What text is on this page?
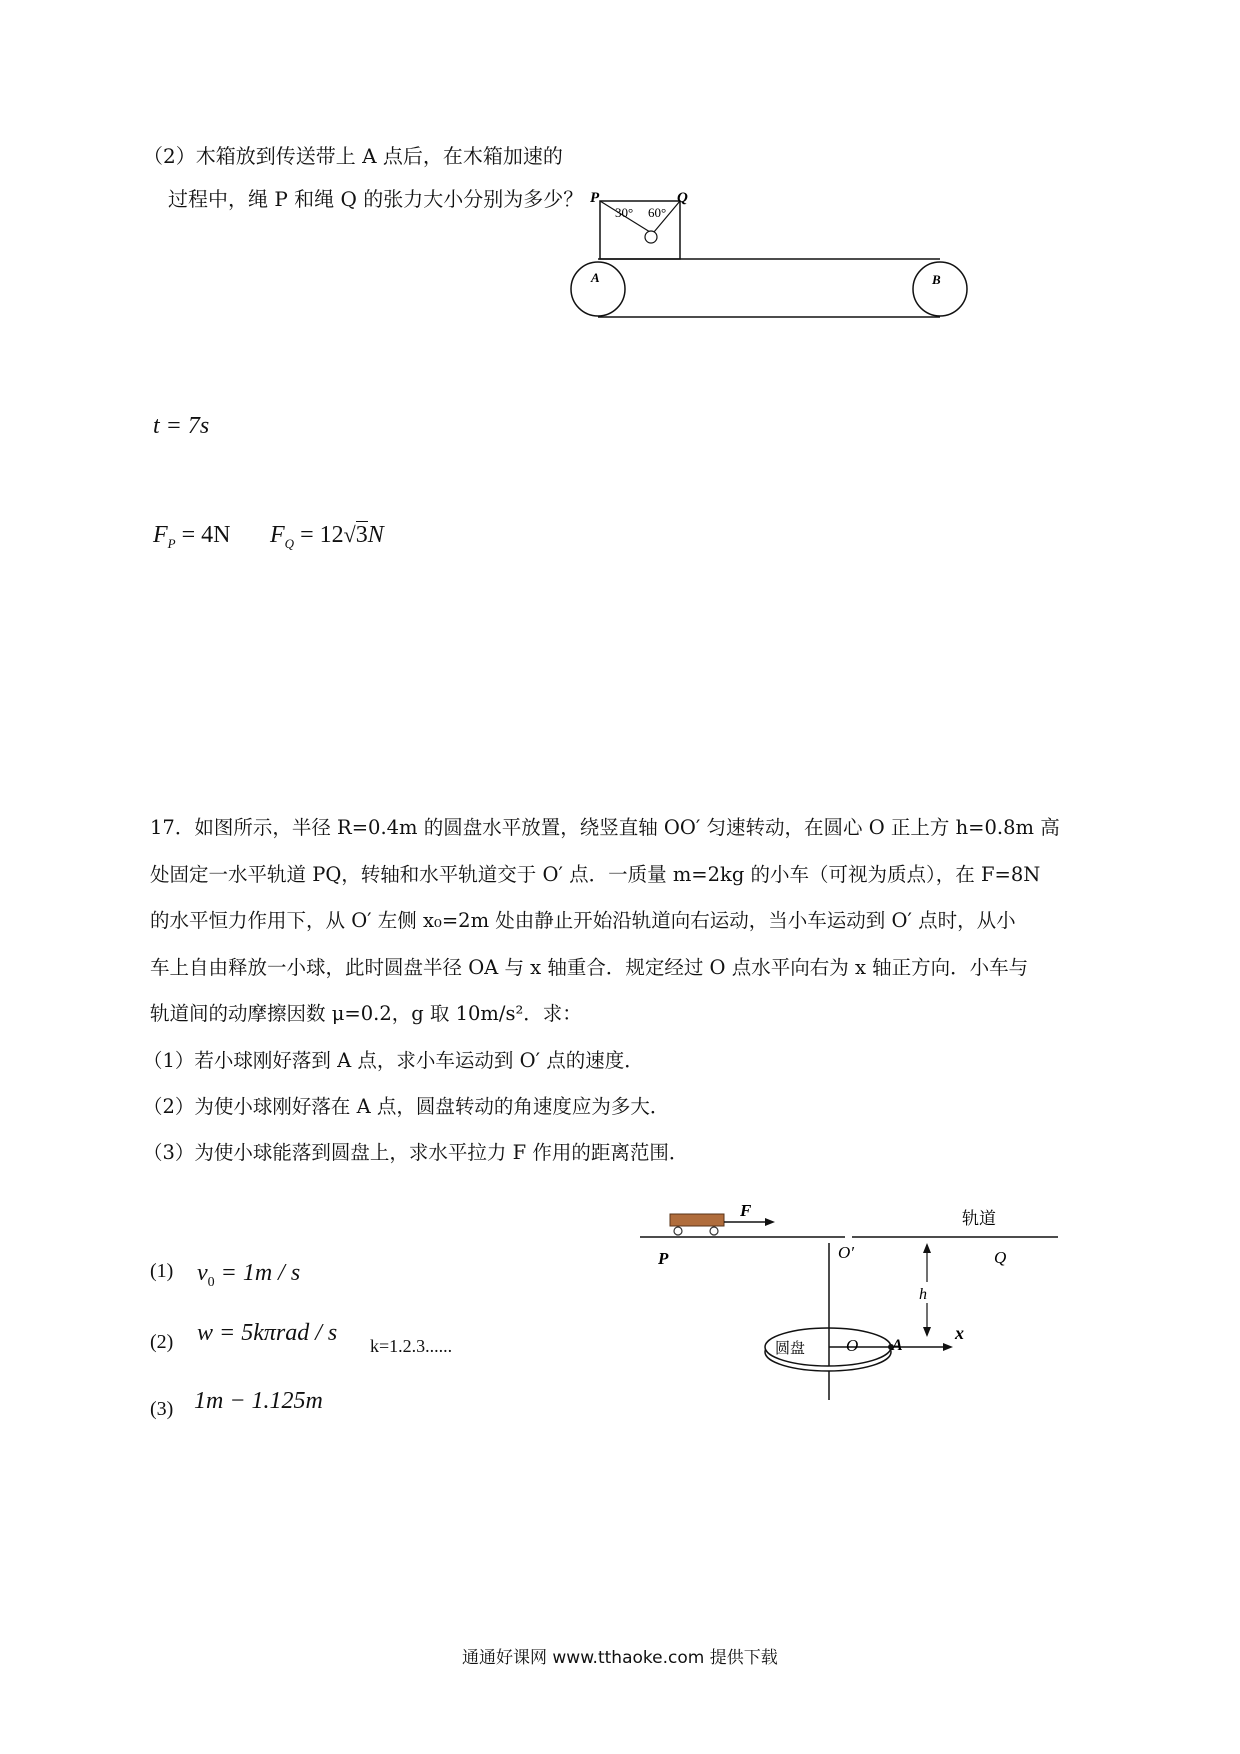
（2）木箱放到传送带上 A 点后，在木箱加速的
过程中，绳 P 和绳 Q 的张力大小分别为多少？ P	Q
30° 60°
A	B
t = 7s
$F_P = 4N$ $F_Q = 12√3N$
17．如图所示，半径 R=0.4m 的圆盘水平放置，绕竖直轴 OO′ 匀速转动，在圆心 O 正上方 h=0.8m 高
处固定一水平轨道 PQ，转轴和水平轨道交于 O′ 点．一质量 m=2kg 的小车（可视为质点），在 F=8N
的水平恒力作用下，从 O′ 左侧 x₀=2m 处由静止开始沿轨道向右运动，当小车运动到 O′ 点时，从小
车上自由释放一小球，此时圆盘半径 OA 与 x 轴重合．规定经过 O 点水平向右为 x 轴正方向．小车与
轨道间的动摩擦因数 μ=0.2，g 取 10m/s²．求：
（1）若小球刚好落到 A 点，求小车运动到 O′ 点的速度．
（2）为使小球刚好落在 A 点，圆盘转动的角速度应为多大．
（3）为使小球能落到圆盘上，求水平拉力 F 作用的距离范围．
P
F	轨道
O′	Q
h
圆盘 O A
x
(1) $v_0 = 1m / s$
(2) w = 5kπrad / s k=1.2.3......
(3) 1m − 1.125m
通通好课网 www.tthaoke.com 提供下载
